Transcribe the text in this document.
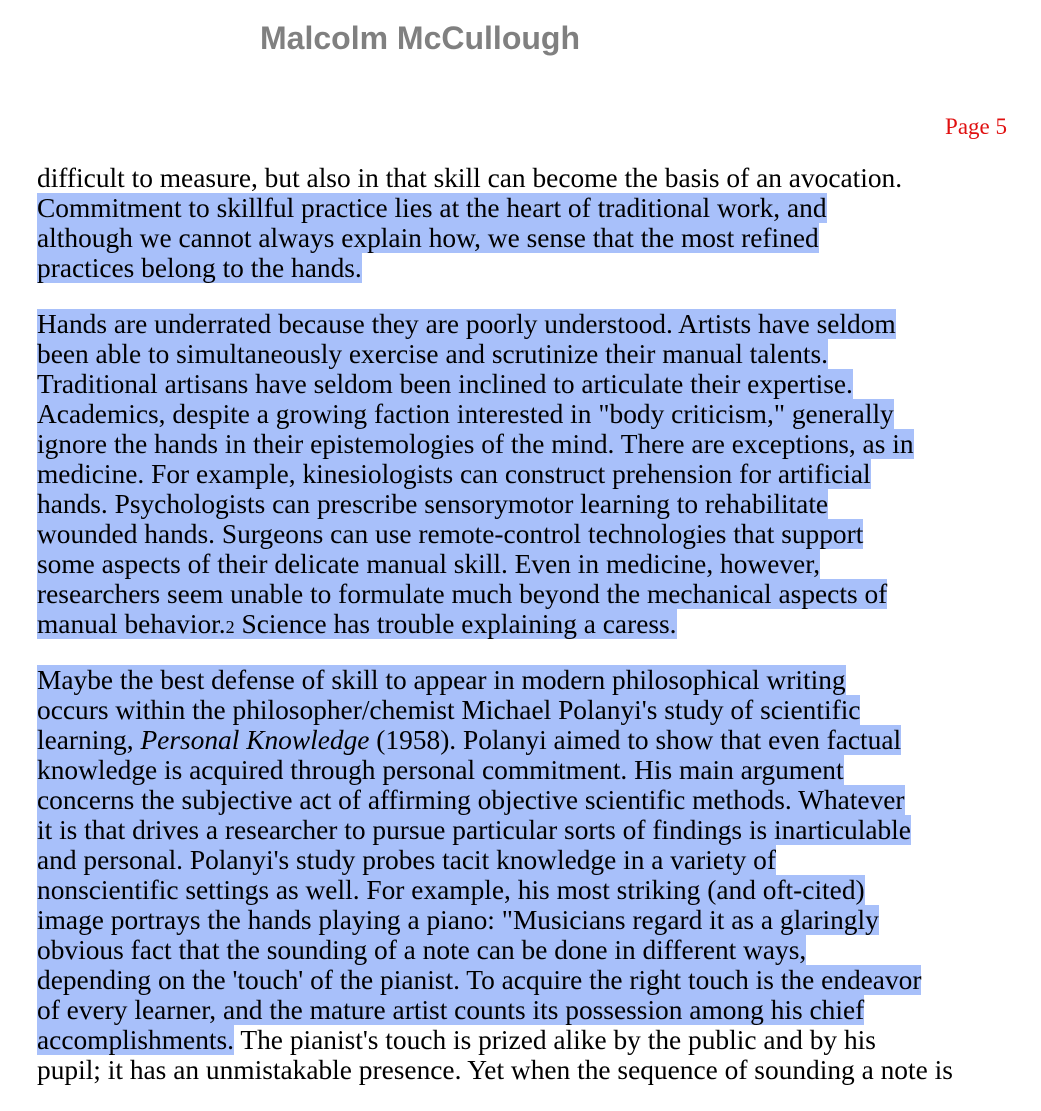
Malcolm McCullough
Page 5
difficult to measure, but also in that skill can become the basis of an avocation.
Commitment to skillful practice lies at the heart of traditional work, and
although we cannot always explain how, we sense that the most refined
practices belong to the hands.
Hands are underrated because they are poorly understood. Artists have seldom
been able to simultaneously exercise and scrutinize their manual talents.
Traditional artisans have seldom been inclined to articulate their expertise.
Academics, despite a growing faction interested in "body criticism," generally
ignore the hands in their epistemologies of the mind. There are exceptions, as in
medicine. For example, kinesiologists can construct prehension for artificial
hands. Psychologists can prescribe sensorymotor learning to rehabilitate
wounded hands. Surgeons can use remote-control technologies that support
some aspects of their delicate manual skill. Even in medicine, however,
researchers seem unable to formulate much beyond the mechanical aspects of
manual behavior.2 Science has trouble explaining a caress.
Maybe the best defense of skill to appear in modern philosophical writing
occurs within the philosopher/chemist Michael Polanyi's study of scientific
learning, Personal Knowledge (1958). Polanyi aimed to show that even factual
knowledge is acquired through personal commitment. His main argument
concerns the subjective act of affirming objective scientific methods. Whatever
it is that drives a researcher to pursue particular sorts of findings is inarticulable
and personal. Polanyi's study probes tacit knowledge in a variety of
nonscientific settings as well. For example, his most striking (and oft-cited)
image portrays the hands playing a piano: "Musicians regard it as a glaringly
obvious fact that the sounding of a note can be done in different ways,
depending on the 'touch' of the pianist. To acquire the right touch is the endeavor
of every learner, and the mature artist counts its possession among his chief
accomplishments. The pianist's touch is prized alike by the public and by his
pupil; it has an unmistakable presence. Yet when the sequence of sounding a note is
